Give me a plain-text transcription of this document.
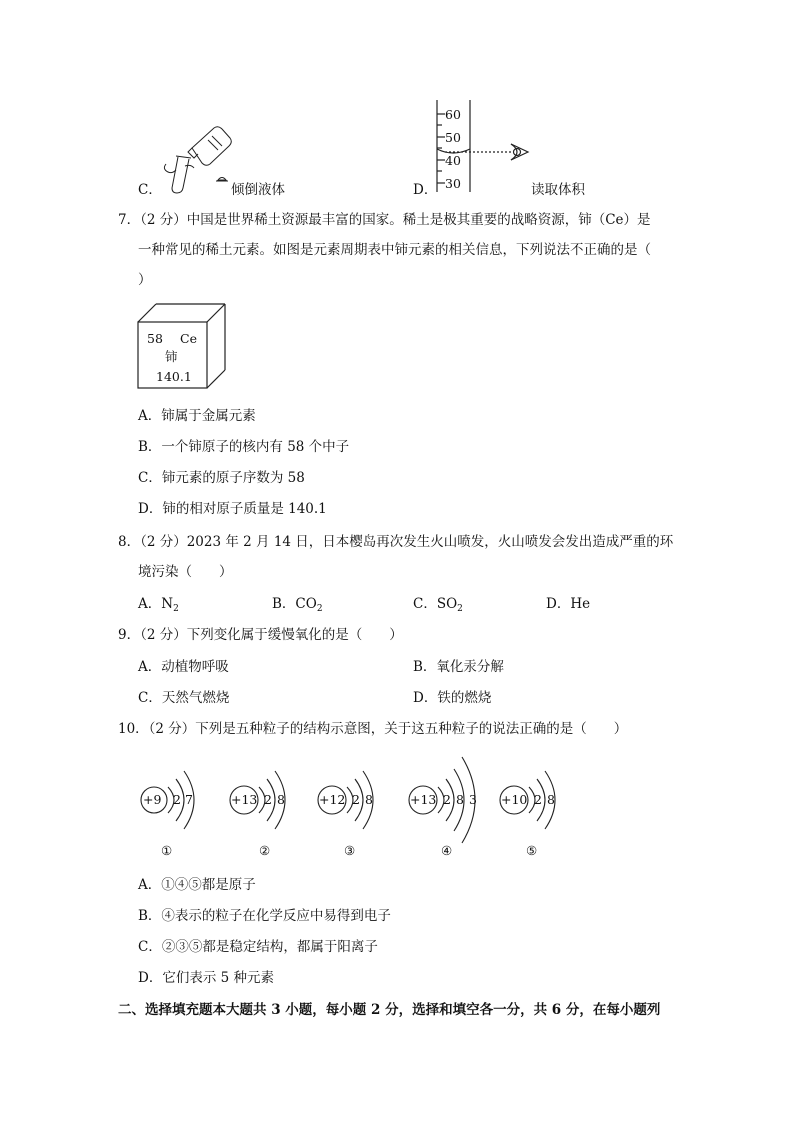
C．	倾倒液体
60
50
40
30
D．	读取体积
7．（2 分）中国是世界稀土资源最丰富的国家。稀土是极其重要的战略资源，铈（Ce）是
一种常见的稀土元素。如图是元素周期表中铈元素的相关信息，下列说法不正确的是（
）
58 Ce
铈
140.1
A．铈属于金属元素
B．一个铈原子的核内有 58 个中子
C．铈元素的原子序数为 58
D．铈的相对原子质量是 140.1
8．（2 分）2023 年 2 月 14 日，日本樱岛再次发生火山喷发，火山喷发会发出造成严重的环
境污染（　　）
A．$N_2$	B．$CO_2$	C．$SO_2$	D．He
9．（2 分）下列变化属于缓慢氧化的是（　　）
A．动植物呼吸	B．氧化汞分解
C．天然气燃烧	D．铁的燃烧
10．（2 分）下列是五种粒子的结构示意图，关于这五种粒子的说法正确的是（　　）
+9 2 7
①
+13 2 8
②
+12 2 8
③
+13 2 8 3
④
+10 2 8
⑤
A．①④⑤都是原子
B．④表示的粒子在化学反应中易得到电子
C．②③⑤都是稳定结构，都属于阳离子
D．它们表示 5 种元素
二、选择填充题本大题共 3 小题，每小题 2 分，选择和填空各一分，共 6 分，在每小题列
